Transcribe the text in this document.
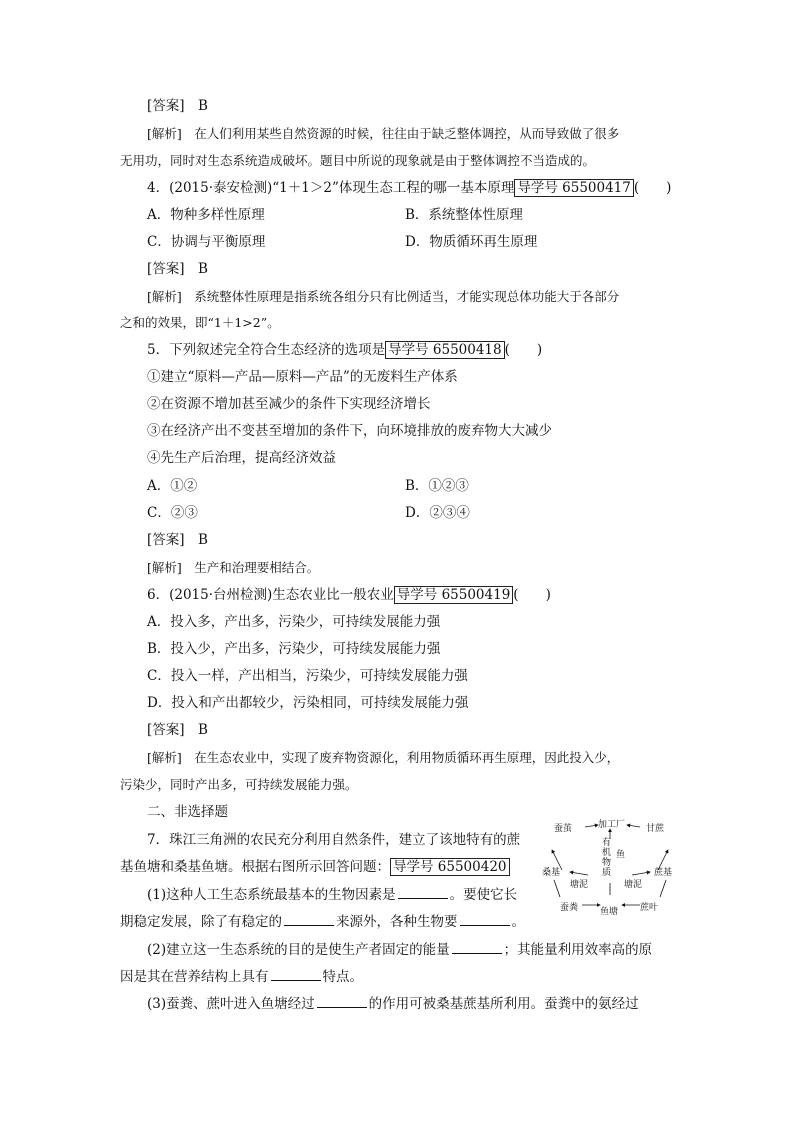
[答案]　 B
[解析]　 在人们利用某些自然资源的时候，往往由于缺乏整体调控，从而导致做了很多
无用功，同时对生态系统造成破坏。题目中所说的现象就是由于整体调控不当造成的。
4．(2015·泰安检测)“1＋1＞2”体现生态工程的哪一基本原理 导学号 65500417 (　　)
A．物种多样性原理	B．系统整体性原理
C．协调与平衡原理	D．物质循环再生原理
[答案]　 B
[解析]　 系统整体性原理是指系统各组分只有比例适当，才能实现总体功能大于各部分
之和的效果，即“1＋1>2”。
5．下列叙述完全符合生态经济的选项是 导学号 65500418 (　　)
①建立“原料—产品—原料—产品”的无废料生产体系
②在资源不增加甚至减少的条件下实现经济增长
③在经济产出不变甚至增加的条件下，向环境排放的废弃物大大减少
④先生产后治理，提高经济效益
A．①②	B．①②③
C．②③	D．②③④
[答案]　 B
[解析]　 生产和治理要相结合。
6．(2015·台州检测)生态农业比一般农业 导学号 65500419 (　　)
A．投入多，产出多，污染少，可持续发展能力强
B．投入少，产出多，污染少，可持续发展能力强
C．投入一样，产出相当，污染少，可持续发展能力强
D．投入和产出都较少，污染相同，可持续发展能力强
[答案]　 B
[解析]　 在生态农业中，实现了废弃物资源化，利用物质循环再生原理，因此投入少，
污染少，同时产出多，可持续发展能力强。
二、非选择题
7．珠江三角洲的农民充分利用自然条件，建立了该地特有的蔗
基鱼塘和桑基鱼塘。根据右图所示回答问题： 导学号 65500420
(1)这种人工生态系统最基本的生物因素是	。要使它长
期稳定发展，除了有稳定的	来源外，各种生物要	。
(2)建立这一生态系统的目的是使生产者固定的能量	；其能量利用效率高的原
因是其在营养结构上具有	特点。
(3)蚕粪、蔗叶进入鱼塘经过	的作用可被桑基蔗基所利用。蚕粪中的氨经过
加工厂
蚕茧	甘蔗
桑基
有
机
物
质	蔗基
鱼
塘泥	塘泥
蚕粪 鱼塘 蔗叶
